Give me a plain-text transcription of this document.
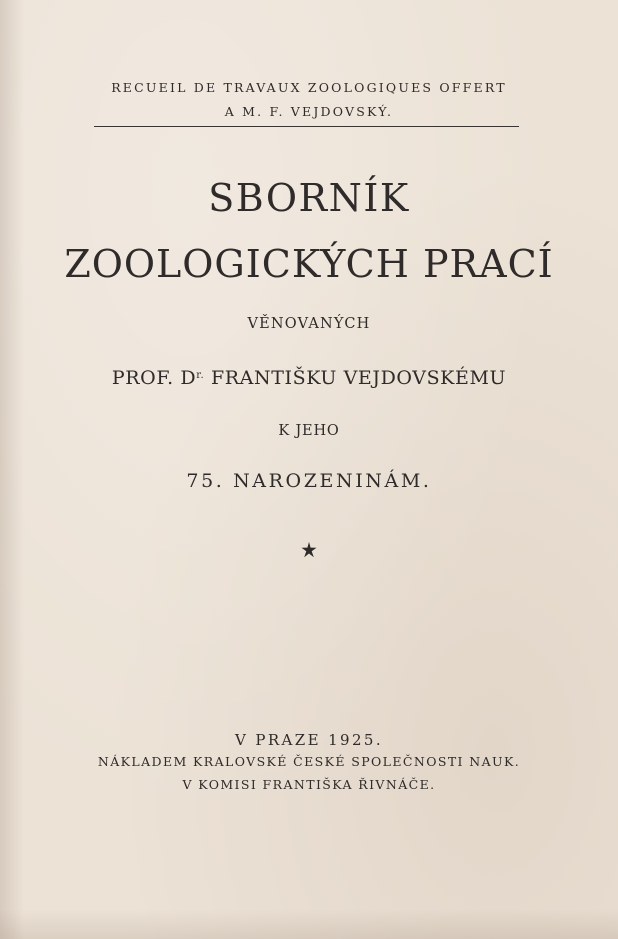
RECUEIL DE TRAVAUX ZOOLOGIQUES OFFERT
A M. F. VEJDOVSKÝ.
SBORNÍK
ZOOLOGICKÝCH PRACÍ
VĚNOVANÝCH
PROF. $D^{r.}$ FRANTIŠKU VEJDOVSKÉMU
K JEHO
75. NAROZENINÁM.
V PRAZE 1925.
NÁKLADEM KRALOVSKÉ ČESKÉ SPOLEČNOSTI NAUK.
V KOMISI FRANTIŠKA ŘIVNÁČE.
